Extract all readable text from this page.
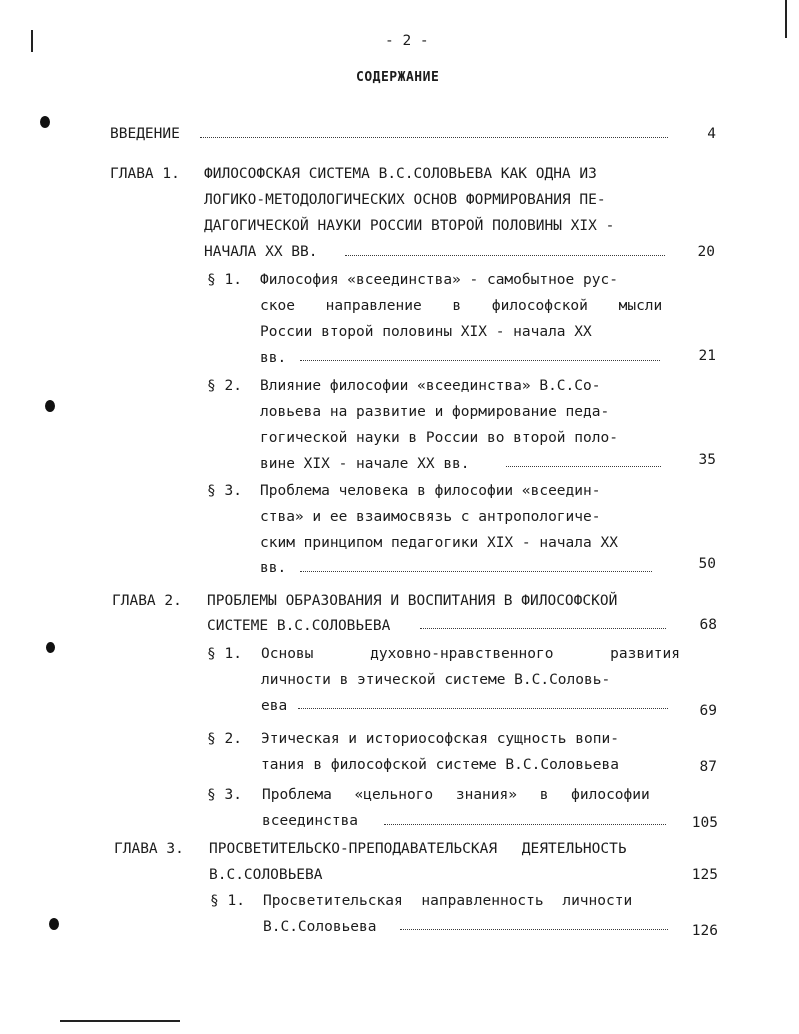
- 2 -
СОДЕРЖАНИЕ
ВВЕДЕНИЕ	4
ГЛАВА 1. ФИЛОСОФСКАЯ СИСТЕМА В.С.СОЛОВЬЕВА КАК ОДНА ИЗ
ЛОГИКО-МЕТОДОЛОГИЧЕСКИХ ОСНОВ ФОРМИРОВАНИЯ ПЕ-
ДАГОГИЧЕСКОЙ НАУКИ РОССИИ ВТОРОЙ ПОЛОВИНЫ XIX -
НАЧАЛА XX ВВ.	20
§ 1. Философия «всеединства» - самобытное рус-
ское направление в философской мысли
России второй половины XIX - начала XX
вв.	21
§ 2. Влияние философии «всеединства» В.С.Со-
ловьева на развитие и формирование педа-
гогической науки в России во второй поло-
вине XIX - начале XX вв.	35
§ 3. Проблема человека в философии «всеедин-
ства» и ее взаимосвязь с антропологиче-
ским принципом педагогики XIX - начала XX
вв.	50
ГЛАВА 2. ПРОБЛЕМЫ ОБРАЗОВАНИЯ И ВОСПИТАНИЯ В ФИЛОСОФСКОЙ
СИСТЕМЕ В.С.СОЛОВЬЕВА	68
§ 1. Основы духовно-нравственного развития
личности в этической системе В.С.Соловь-
ева	69
§ 2. Этическая и историософская сущность вопи-
тания в философской системе В.С.Соловьева	87
§ 3. Проблема «цельного знания» в философии
всеединства	105
ГЛАВА 3. ПРОСВЕТИТЕЛЬСКО-ПРЕПОДАВАТЕЛЬСКАЯ ДЕЯТЕЛЬНОСТЬ
В.С.СОЛОВЬЕВА	125
§ 1. Просветительская направленность личности
В.С.Соловьева	126
